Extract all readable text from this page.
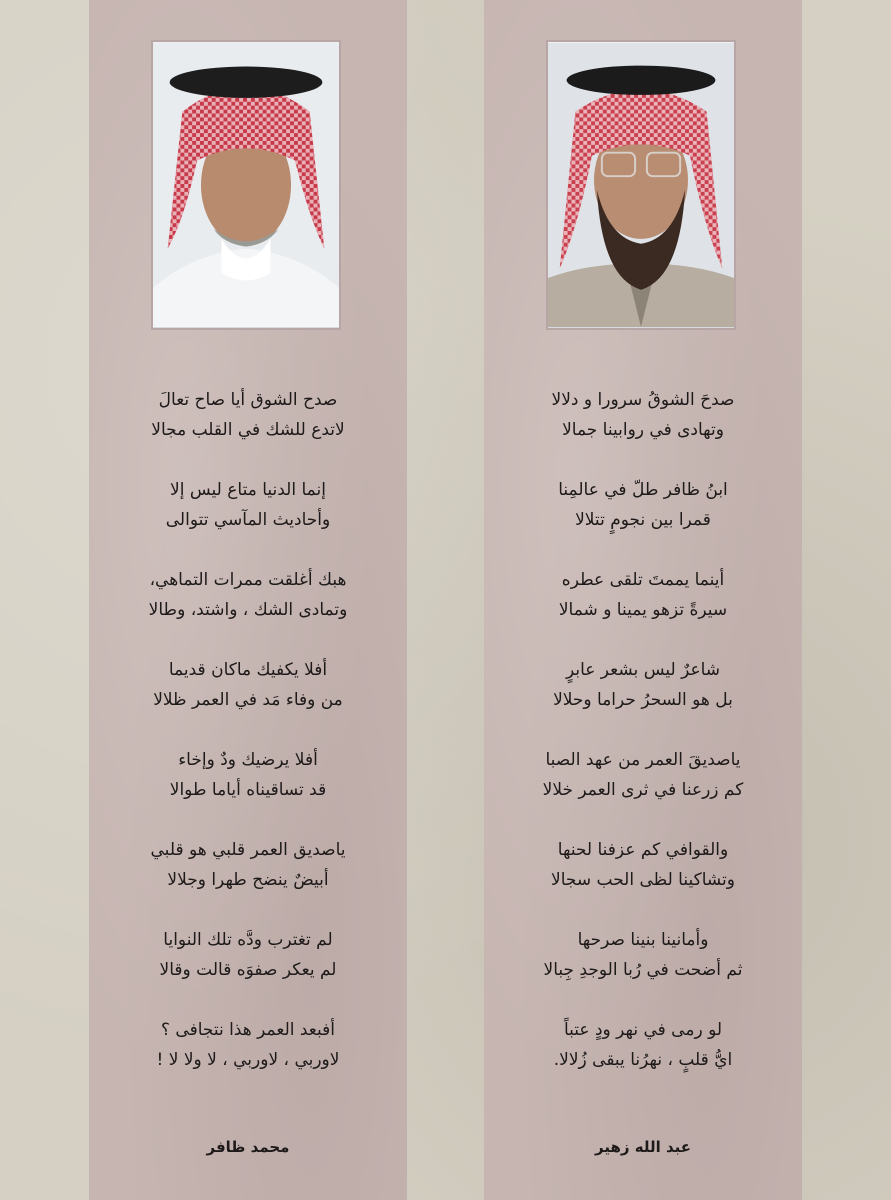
صدح الشوق أيا صاح تعالَ
لاتدع للشك في القلب مجالا
إنما الدنيا متاع ليس إلا
وأحاديث المآسي تتوالى
هبك أغلقت ممرات التماهي،
وتمادى الشك ، واشتد، وطالا
أفلا يكفيك ماكان قديما
من وفاء مَد في العمر ظلالا
أفلا يرضيك ودٌ وإخاء
قد تساقيناه أياما طوالا
ياصديق العمر قلبي هو قلبي
أبيضٌ ينضح طهرا وجلالا
لم تغترب ودَّه تلك النوايا
لم يعكر صفوَه قالت وقالا
أفبعد العمر هذا نتجافى ؟
لاوربي ، لاوربي ، لا ولا لا !
محمد ظافر
صدحَ الشوقُ سرورا و دلالا
وتهادى في روابينا جمالا
ابنُ ظافر طلّ في عالمِنا
قمرا بين نجومٍ تتلالا
أينما يممتَ تلقى عطره
سيرةً تزهو يمينا و شمالا
شاعرٌ ليس بشعر عابرٍ
بل هو السحرُ حراما وحلالا
ياصديقَ العمر من عهد الصبا
كم زرعنا في ثرى العمر خلالا
والقوافي كم عزفنا لحنها
وتشاكينا لظى الحب سجالا
وأمانينا بنينا صرحها
ثم أضحت في رُبا الوجدِ جِبالا
لو رمى في نهر ودٍ عتباً
ايُّ قلبٍ ، نهرُنا يبقى زُلالا.
عبد الله زهير
